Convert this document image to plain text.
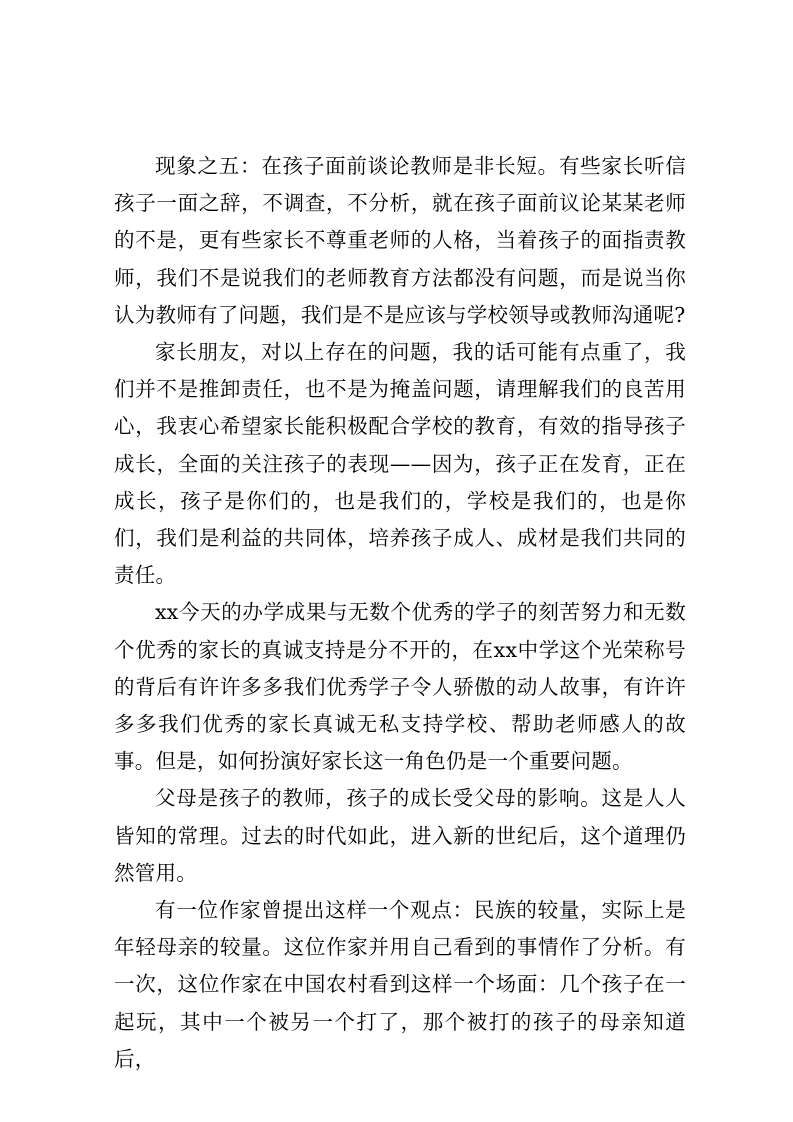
现象之五：在孩子面前谈论教师是非长短。有些家长听信孩子一面之辞，不调查，不分析，就在孩子面前议论某某老师的不是，更有些家长不尊重老师的人格，当着孩子的面指责教师，我们不是说我们的老师教育方法都没有问题，而是说当你认为教师有了问题，我们是不是应该与学校领导或教师沟通呢?

家长朋友，对以上存在的问题，我的话可能有点重了，我们并不是推卸责任，也不是为掩盖问题，请理解我们的良苦用心，我衷心希望家长能积极配合学校的教育，有效的指导孩子成长，全面的关注孩子的表现——因为，孩子正在发育，正在成长，孩子是你们的，也是我们的，学校是我们的，也是你们，我们是利益的共同体，培养孩子成人、成材是我们共同的责任。

xx今天的办学成果与无数个优秀的学子的刻苦努力和无数个优秀的家长的真诚支持是分不开的，在xx中学这个光荣称号的背后有许许多多我们优秀学子令人骄傲的动人故事，有许许多多我们优秀的家长真诚无私支持学校、帮助老师感人的故事。但是，如何扮演好家长这一角色仍是一个重要问题。

父母是孩子的教师，孩子的成长受父母的影响。这是人人皆知的常理。过去的时代如此，进入新的世纪后，这个道理仍然管用。

有一位作家曾提出这样一个观点：民族的较量，实际上是年轻母亲的较量。这位作家并用自己看到的事情作了分析。有一次，这位作家在中国农村看到这样一个场面：几个孩子在一起玩，其中一个被另一个打了，那个被打的孩子的母亲知道后，
